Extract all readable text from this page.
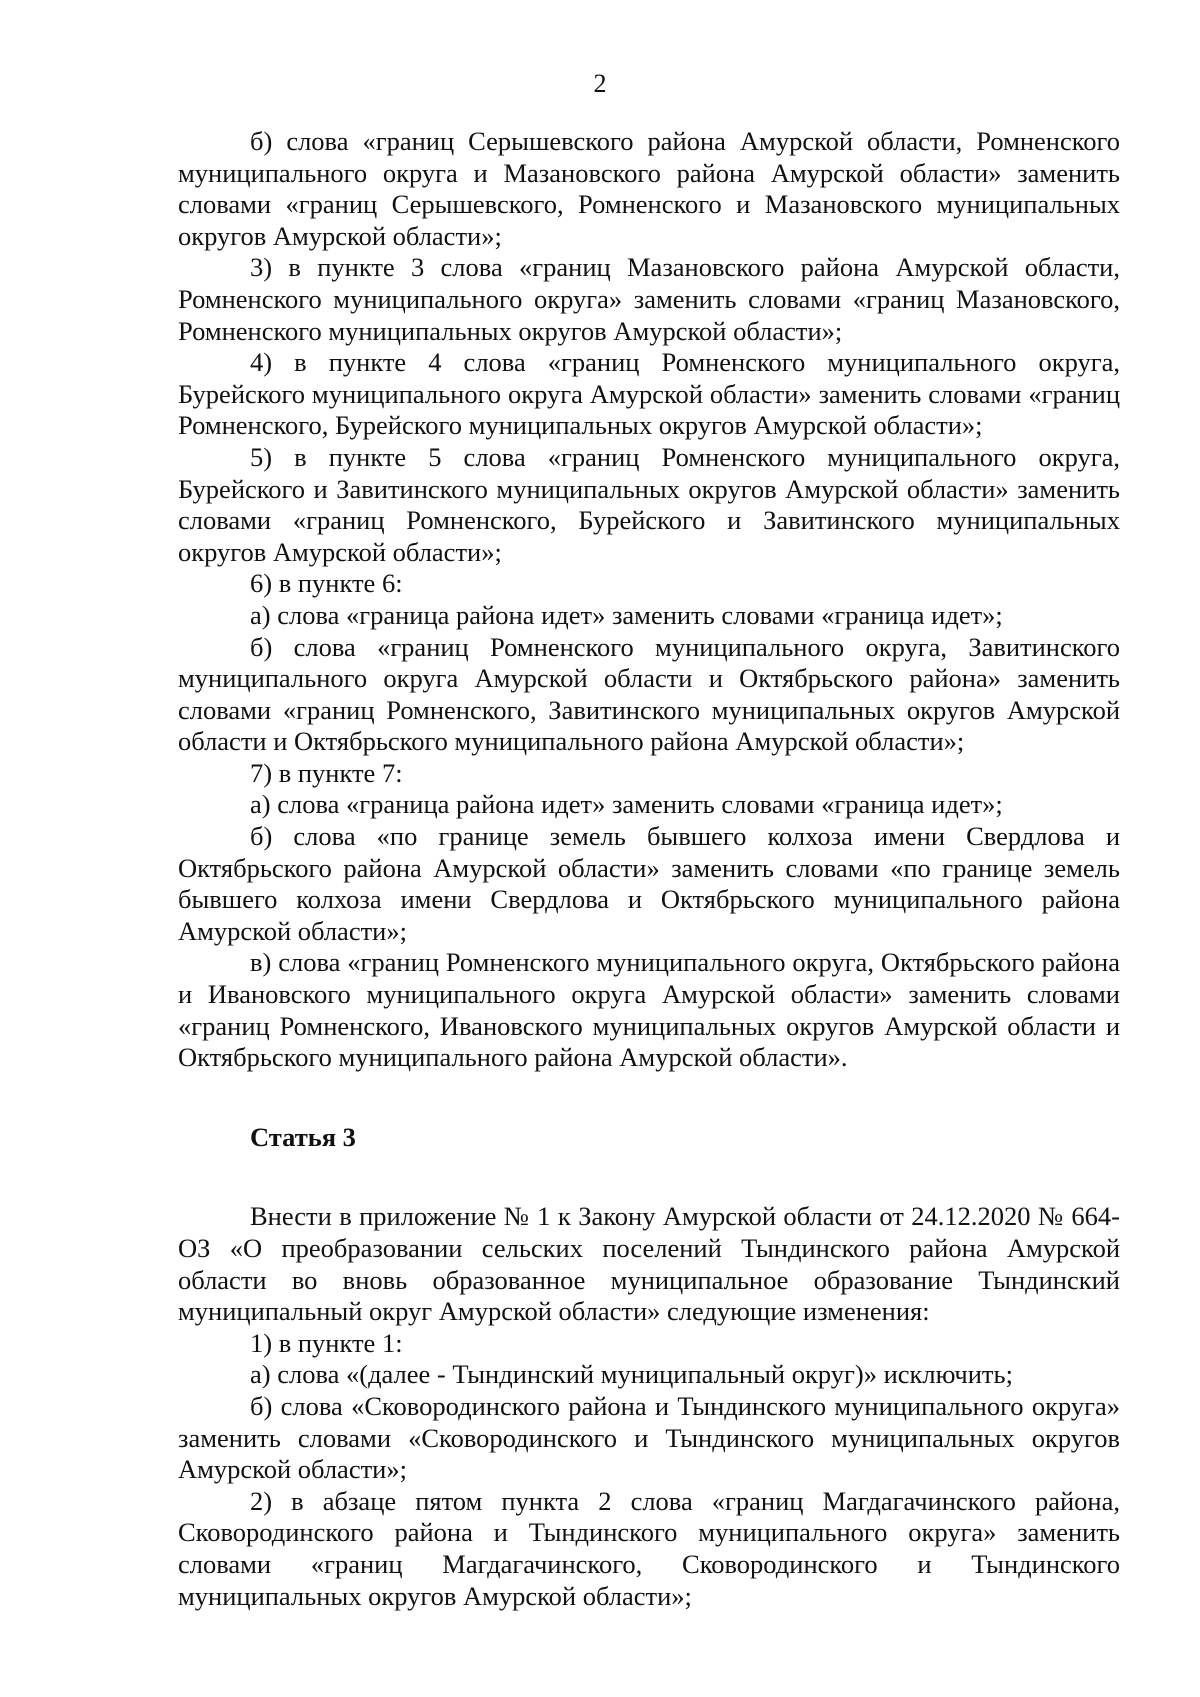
2

б) слова «границ Серышевского района Амурской области, Ромненского муниципального округа и Мазановского района Амурской области» заменить словами «границ Серышевского, Ромненского и Мазановского муниципальных округов Амурской области»;

3) в пункте 3 слова «границ Мазановского района Амурской области, Ромненского муниципального округа» заменить словами «границ Мазановского, Ромненского муниципальных округов Амурской области»;

4) в пункте 4 слова «границ Ромненского муниципального округа, Бурейского муниципального округа Амурской области» заменить словами «границ Ромненского, Бурейского муниципальных округов Амурской области»;

5) в пункте 5 слова «границ Ромненского муниципального округа, Бурейского и Завитинского муниципальных округов Амурской области» заменить словами «границ Ромненского, Бурейского и Завитинского муниципальных округов Амурской области»;

6) в пункте 6:

а) слова «граница района идет» заменить словами «граница идет»;

б) слова «границ Ромненского муниципального округа, Завитинского муниципального округа Амурской области и Октябрьского района» заменить словами «границ Ромненского, Завитинского муниципальных округов Амурской области и Октябрьского муниципального района Амурской области»;

7) в пункте 7:

а) слова «граница района идет» заменить словами «граница идет»;

б) слова «по границе земель бывшего колхоза имени Свердлова и Октябрьского района Амурской области» заменить словами «по границе земель бывшего колхоза имени Свердлова и Октябрьского муниципального района Амурской области»;

в) слова «границ Ромненского муниципального округа, Октябрьского района и Ивановского муниципального округа Амурской области» заменить словами «границ Ромненского, Ивановского муниципальных округов Амурской области и Октябрьского муниципального района Амурской области».

Статья 3

Внести в приложение № 1 к Закону Амурской области от 24.12.2020 № 664-ОЗ «О преобразовании сельских поселений Тындинского района Амурской области во вновь образованное муниципальное образование Тындинский муниципальный округ Амурской области» следующие изменения:

1) в пункте 1:

а) слова «(далее - Тындинский муниципальный округ)» исключить;

б) слова «Сковородинского района и Тындинского муниципального округа» заменить словами «Сковородинского и Тындинского муниципальных округов Амурской области»;

2) в абзаце пятом пункта 2 слова «границ Магдагачинского района, Сковородинского района и Тындинского муниципального округа» заменить словами «границ Магдагачинского, Сковородинского и Тындинского муниципальных округов Амурской области»;
